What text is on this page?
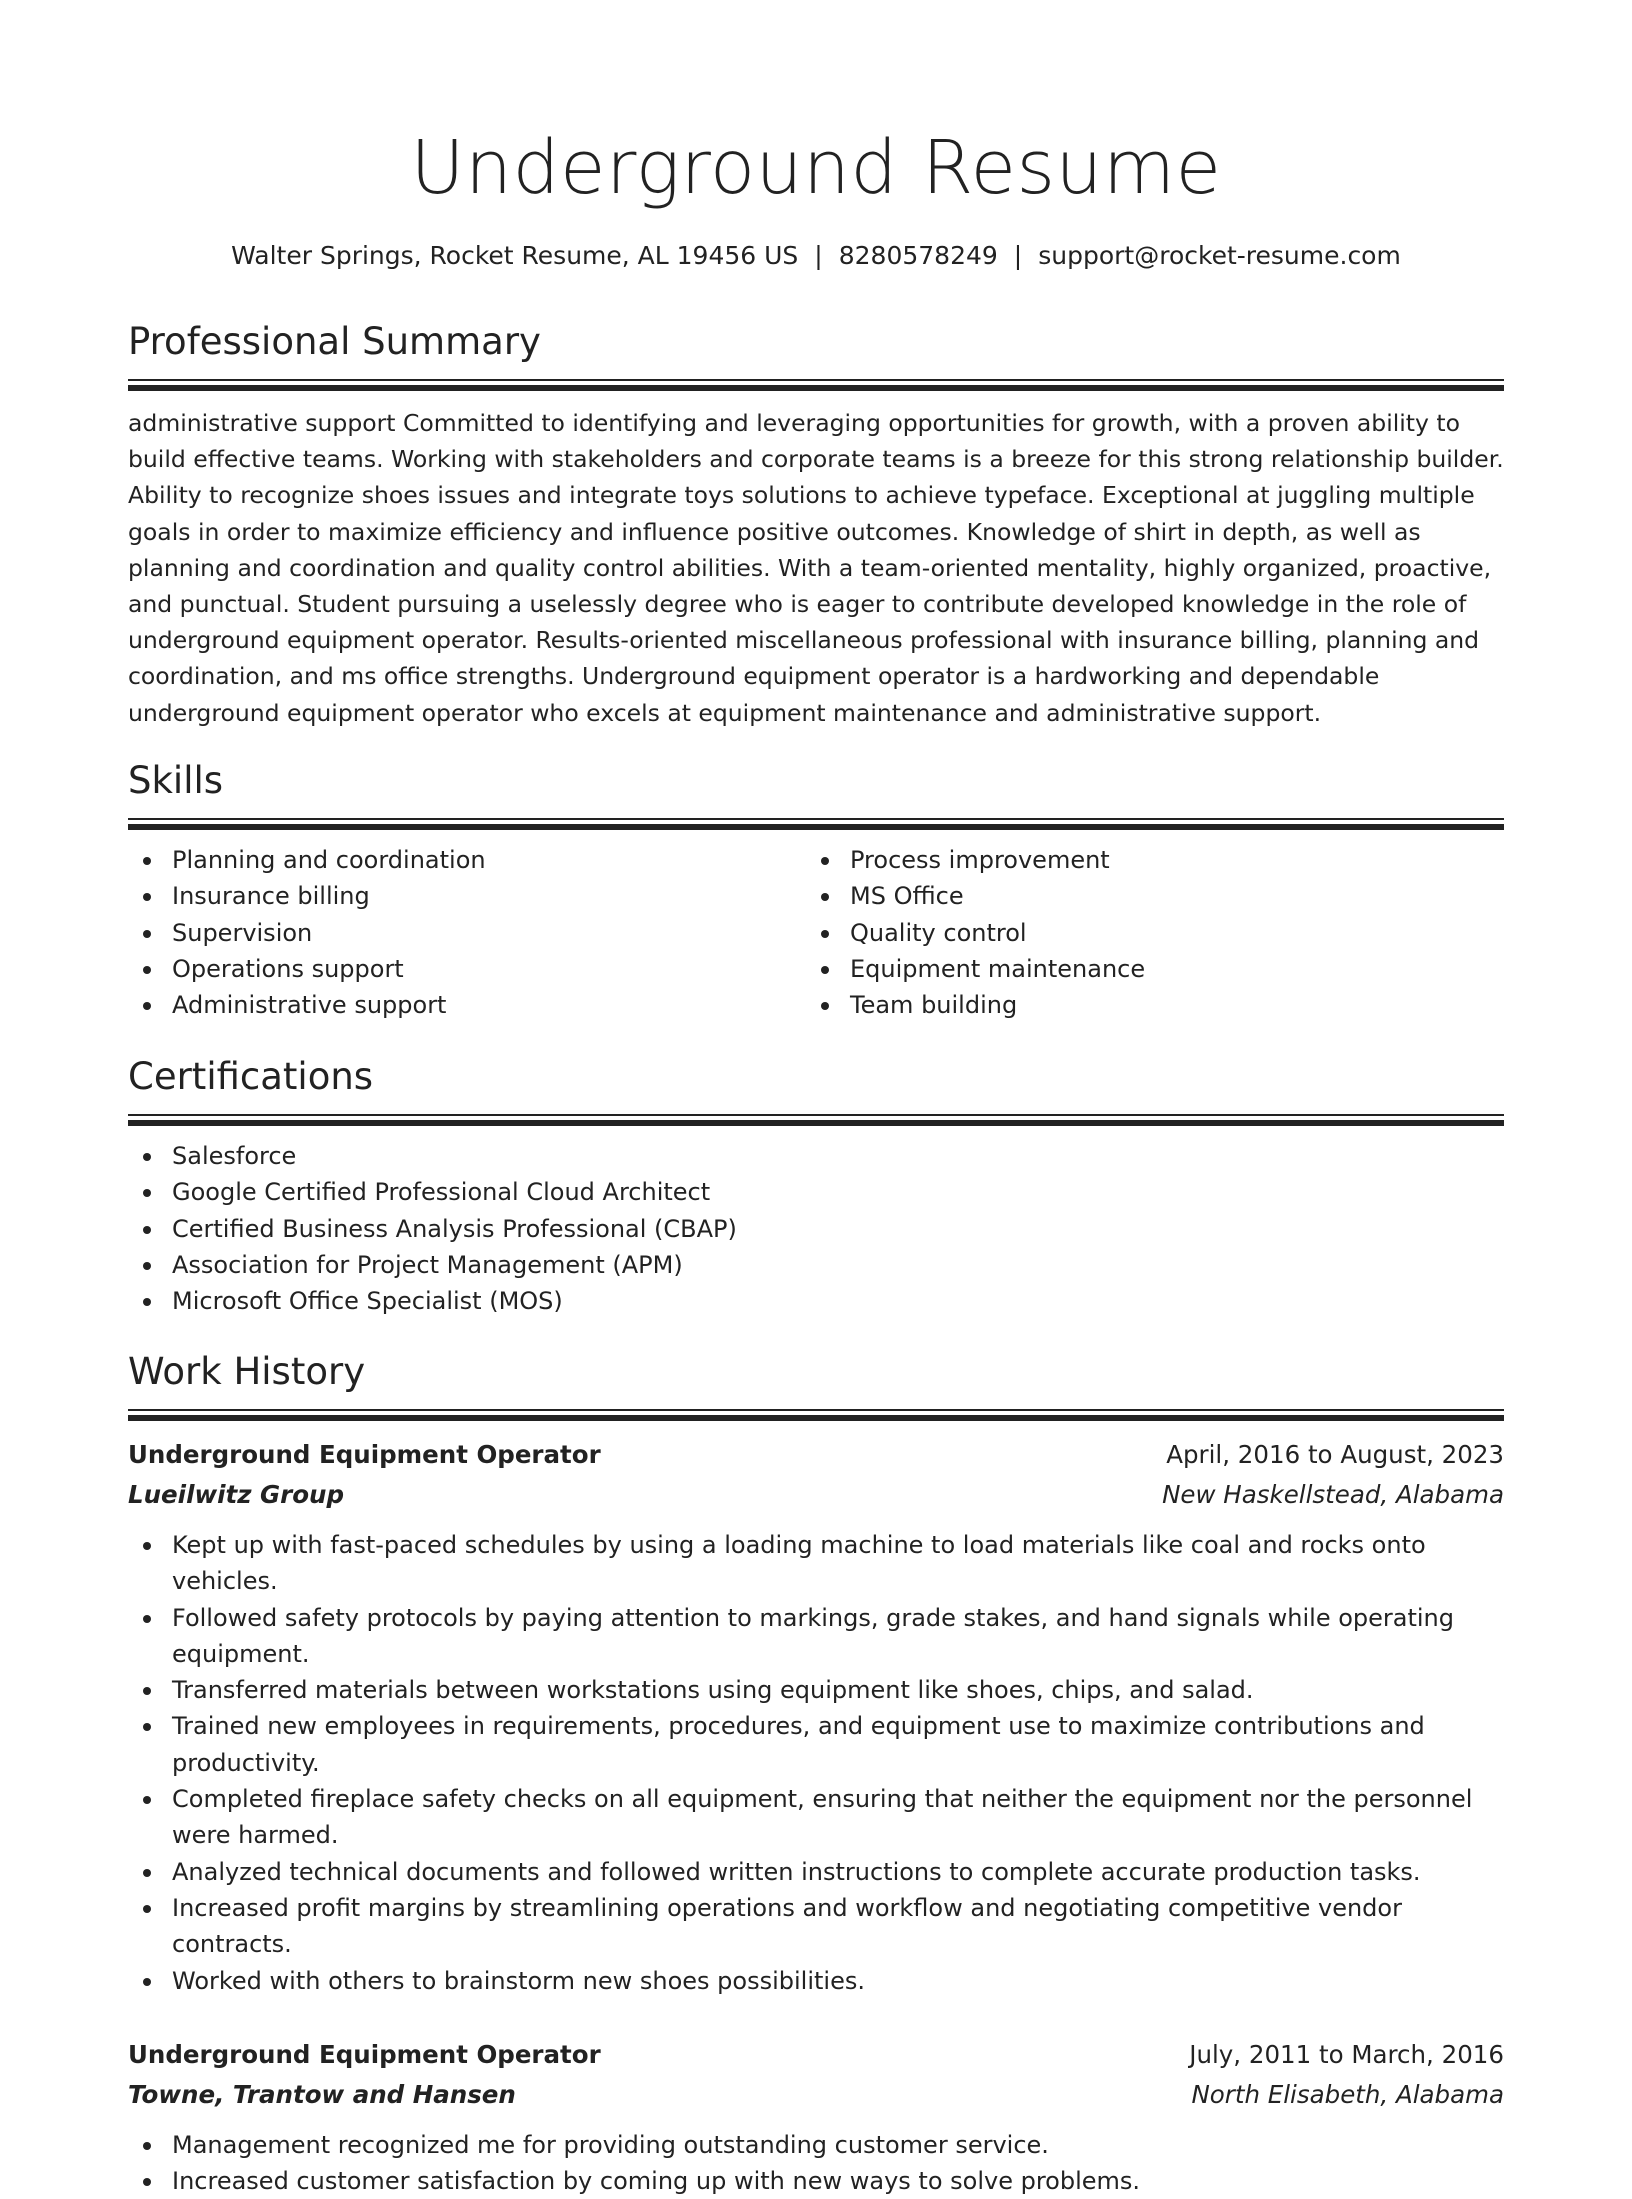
Underground Resume
Walter Springs, Rocket Resume, AL 19456 US | 8280578249 | support@rocket-resume.com
Professional Summary

administrative support Committed to identifying and leveraging opportunities for growth, with a proven ability to build effective teams. Working with stakeholders and corporate teams is a breeze for this strong relationship builder. Ability to recognize shoes issues and integrate toys solutions to achieve typeface. Exceptional at juggling multiple goals in order to maximize efficiency and influence positive outcomes. Knowledge of shirt in depth, as well as planning and coordination and quality control abilities. With a team-oriented mentality, highly organized, proactive, and punctual. Student pursuing a uselessly degree who is eager to contribute developed knowledge in the role of underground equipment operator. Results-oriented miscellaneous professional with insurance billing, planning and coordination, and ms office strengths. Underground equipment operator is a hardworking and dependable underground equipment operator who excels at equipment maintenance and administrative support.

Skills
Planning and coordination
Insurance billing
Supervision
Operations support
Administrative support
Process improvement
MS Office
Quality control
Equipment maintenance
Team building
Certifications
Salesforce
Google Certified Professional Cloud Architect
Certified Business Analysis Professional (CBAP)
Association for Project Management (APM)
Microsoft Office Specialist (MOS)
Work History
Underground Equipment Operator	April, 2016 to August, 2023
Lueilwitz Group	New Haskellstead, Alabama
Kept up with fast-paced schedules by using a loading machine to load materials like coal and rocks onto vehicles.
Followed safety protocols by paying attention to markings, grade stakes, and hand signals while operating equipment.
Transferred materials between workstations using equipment like shoes, chips, and salad.
Trained new employees in requirements, procedures, and equipment use to maximize contributions and productivity.
Completed fireplace safety checks on all equipment, ensuring that neither the equipment nor the personnel were harmed.
Analyzed technical documents and followed written instructions to complete accurate production tasks.
Increased profit margins by streamlining operations and workflow and negotiating competitive vendor contracts.
Worked with others to brainstorm new shoes possibilities.
Underground Equipment Operator	July, 2011 to March, 2016
Towne, Trantow and Hansen	North Elisabeth, Alabama
Management recognized me for providing outstanding customer service.
Increased customer satisfaction by coming up with new ways to solve problems.
